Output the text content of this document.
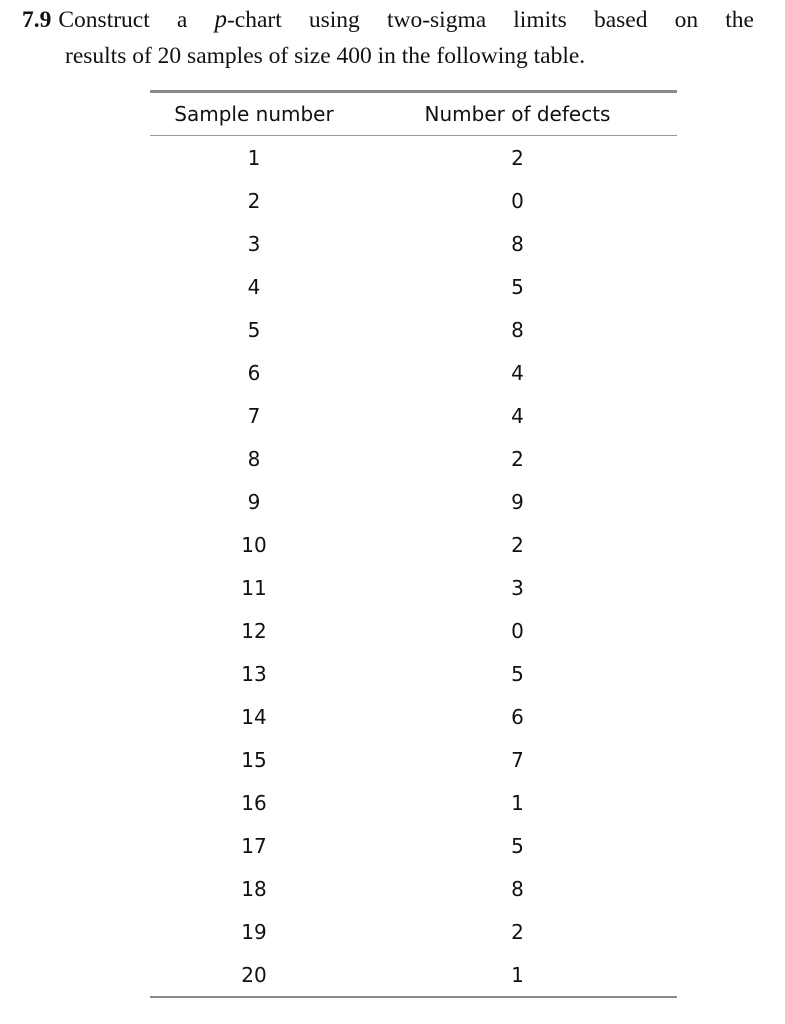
7.9 Construct a p-chart using two-sigma limits based on the
results of 20 samples of size 400 in the following table.
Sample number	Number of defects
1	2
2	0
3	8
4	5
5	8
6	4
7	4
8	2
9	9
10	2
11	3
12	0
13	5
14	6
15	7
16	1
17	5
18	8
19	2
20	1
